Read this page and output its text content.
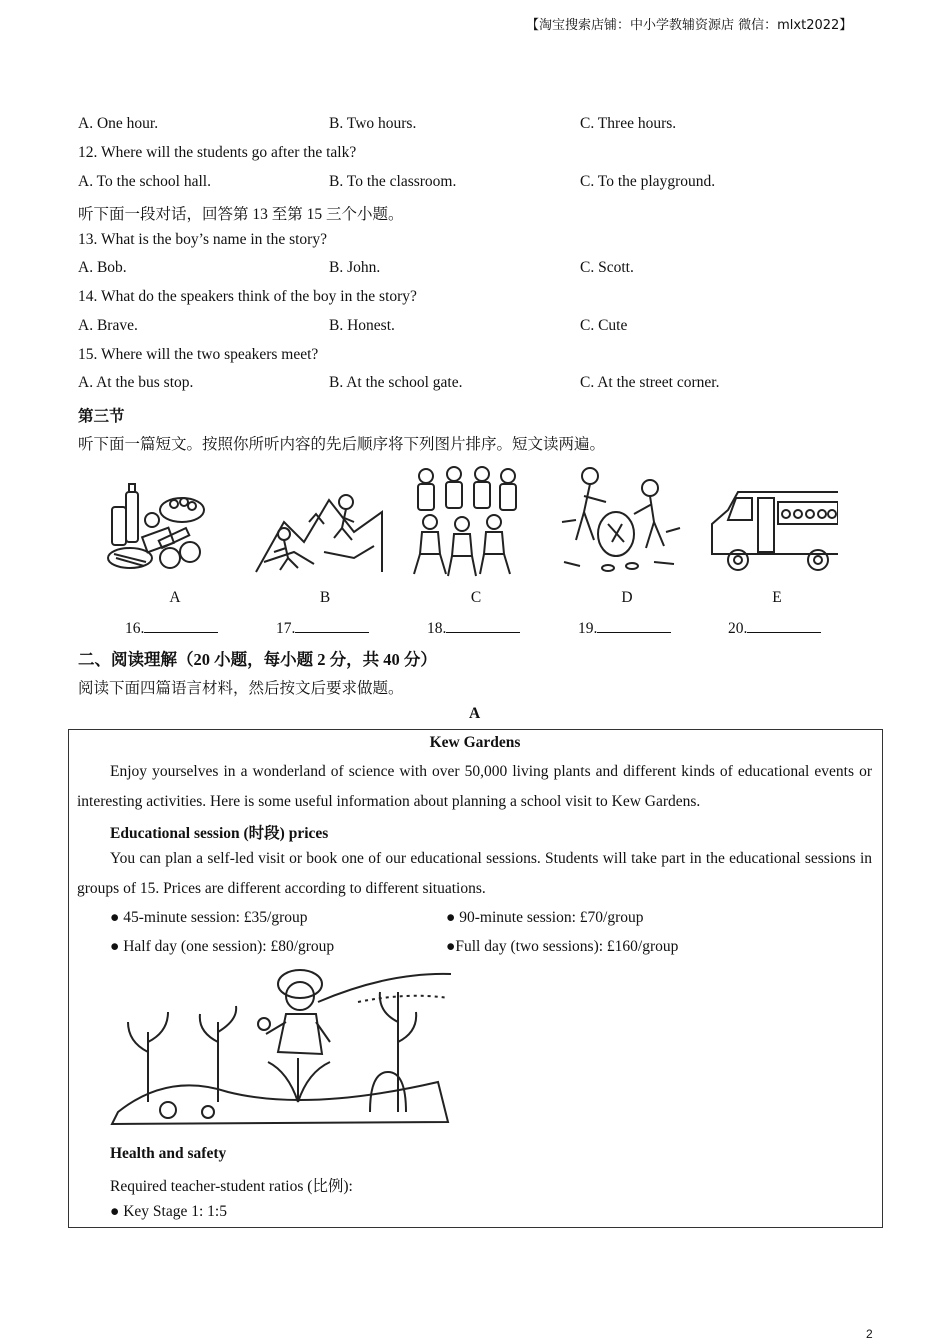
【淘宝搜索店铺：中小学教辅资源店 微信：mlxt2022】
A. One hour.	B. Two hours.	C. Three hours.
12. Where will the students go after the talk?
A. To the school hall.	B. To the classroom.	C. To the playground.
听下面一段对话，回答第 13 至第 15 三个小题。
13. What is the boy’s name in the story?
A. Bob.	B. John.	C. Scott.
14. What do the speakers think of the boy in the story?
A. Brave.	B. Honest.	C. Cute
15. Where will the two speakers meet?
A. At the bus stop.	B. At the school gate.	C. At the street corner.
第三节
听下面一篇短文。按照你所听内容的先后顺序将下列图片排序。短文读两遍。
A	B	C	D	E
16.	17.	18.	19.	20.
二、阅读理解（20 小题，每小题 2 分，共 40 分）
阅读下面四篇语言材料，然后按文后要求做题。
A
Kew Gardens
Enjoy yourselves in a wonderland of science with over 50,000 living plants and different kinds of educational events or interesting activities. Here is some useful information about planning a school visit to Kew Gardens.
Educational session (时段) prices
You can plan a self-led visit or book one of our educational sessions. Students will take part in the educational sessions in groups of 15. Prices are different according to different situations.
● 45-minute session: £35/group	● 90-minute session: £70/group
● Half day (one session): £80/group	●Full day (two sessions): £160/group
Health and safety
Required teacher-student ratios (比例):
● Key Stage 1: 1:5
2
